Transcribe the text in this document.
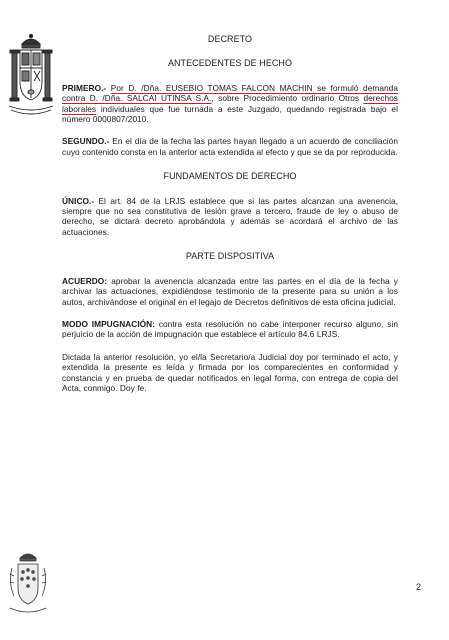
DECRETO

ANTECEDENTES DE HECHO

PRIMERO.- Por D. /Dña. EUSEBIO TOMAS FALCON MACHIN se formuló demanda contra D. /Dña. SALCAI UTINSA S.A., sobre Procedimiento ordinario Otros derechos laborales individuales que fue turnada a este Juzgado, quedando registrada bajo el número 0000807/2010.

SEGUNDO.- En el día de la fecha las partes hayan llegado a un acuerdo de conciliación cuyo contenido consta en la anterior acta extendida al efecto y que se da por reproducida.

FUNDAMENTOS DE DERECHO

ÚNICO.- El art. 84 de la LRJS establece que si las partes alcanzan una avenencia, siempre que no sea constitutiva de lesión grave a tercero, fraude de ley o abuso de derecho, se dictará decreto aprobándola y además se acordará el archivo de las actuaciones.

PARTE DISPOSITIVA

ACUERDO: aprobar la avenencia alcanzada entre las partes en el día de la fecha y archivar las actuaciones, expidiéndose testimonio de la presente para su unión a los autos, archivándose el original en el legajo de Decretos definitivos de esta oficina judicial.

MODO IMPUGNACIÓN: contra esta resolución no cabe interponer recurso alguno, sin perjuicio de la acción de impugnación que establece el artículo 84.6 LRJS.

Dictada la anterior resolución, yo el/la Secretario/a Judicial doy por terminado el acto, y extendida la presente es leída y firmada por los comparecientes en conformidad y constancia y en prueba de quedar notificados en legal forma, con entrega de copia del Acta, conmigo. Doy fe.

2
